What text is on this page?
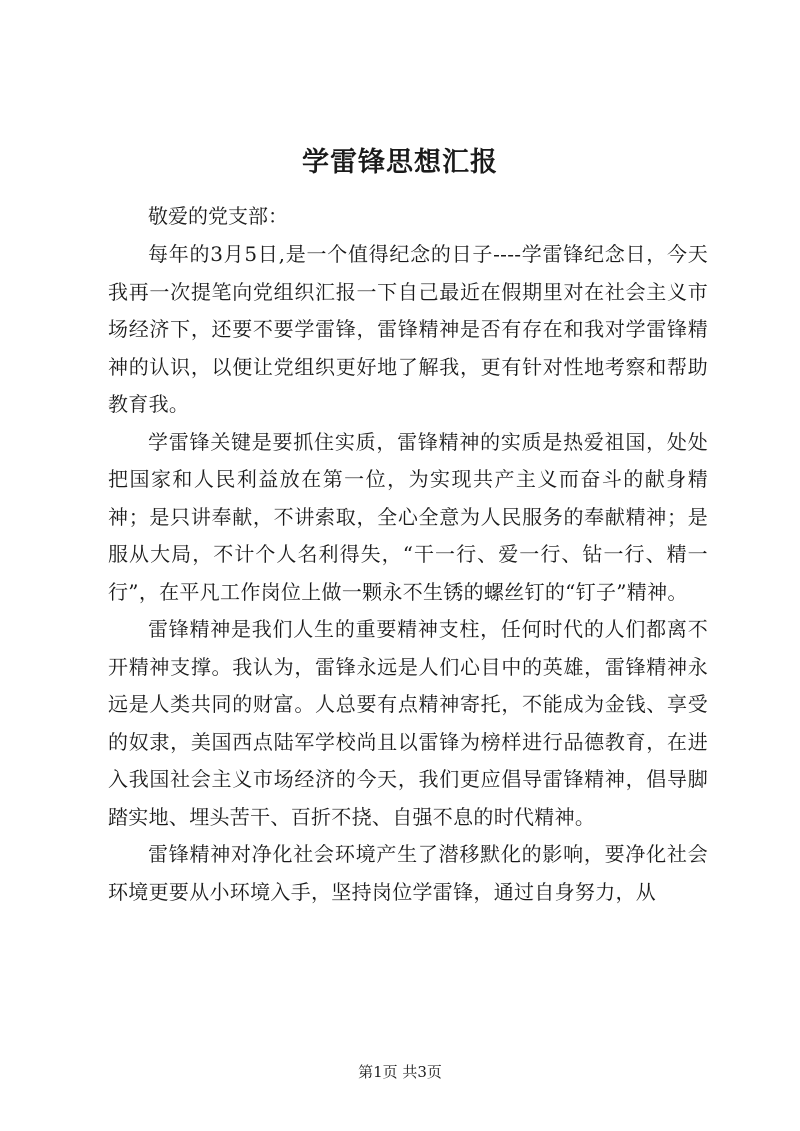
学雷锋思想汇报

敬爱的党支部：

每年的3月5日,是一个值得纪念的日子----学雷锋纪念日，今天我再一次提笔向党组织汇报一下自己最近在假期里对在社会主义市场经济下，还要不要学雷锋，雷锋精神是否有存在和我对学雷锋精神的认识，以便让党组织更好地了解我，更有针对性地考察和帮助教育我。

学雷锋关键是要抓住实质，雷锋精神的实质是热爱祖国，处处把国家和人民利益放在第一位，为实现共产主义而奋斗的献身精神；是只讲奉献，不讲索取，全心全意为人民服务的奉献精神；是服从大局，不计个人名利得失，“干一行、爱一行、钻一行、精一行”，在平凡工作岗位上做一颗永不生锈的螺丝钉的“钉子”精神。

雷锋精神是我们人生的重要精神支柱，任何时代的人们都离不开精神支撑。我认为，雷锋永远是人们心目中的英雄，雷锋精神永远是人类共同的财富。人总要有点精神寄托，不能成为金钱、享受的奴隶，美国西点陆军学校尚且以雷锋为榜样进行品德教育，在进入我国社会主义市场经济的今天，我们更应倡导雷锋精神，倡导脚踏实地、埋头苦干、百折不挠、自强不息的时代精神。

雷锋精神对净化社会环境产生了潜移默化的影响，要净化社会环境更要从小环境入手，坚持岗位学雷锋，通过自身努力，从

第1页 共3页
